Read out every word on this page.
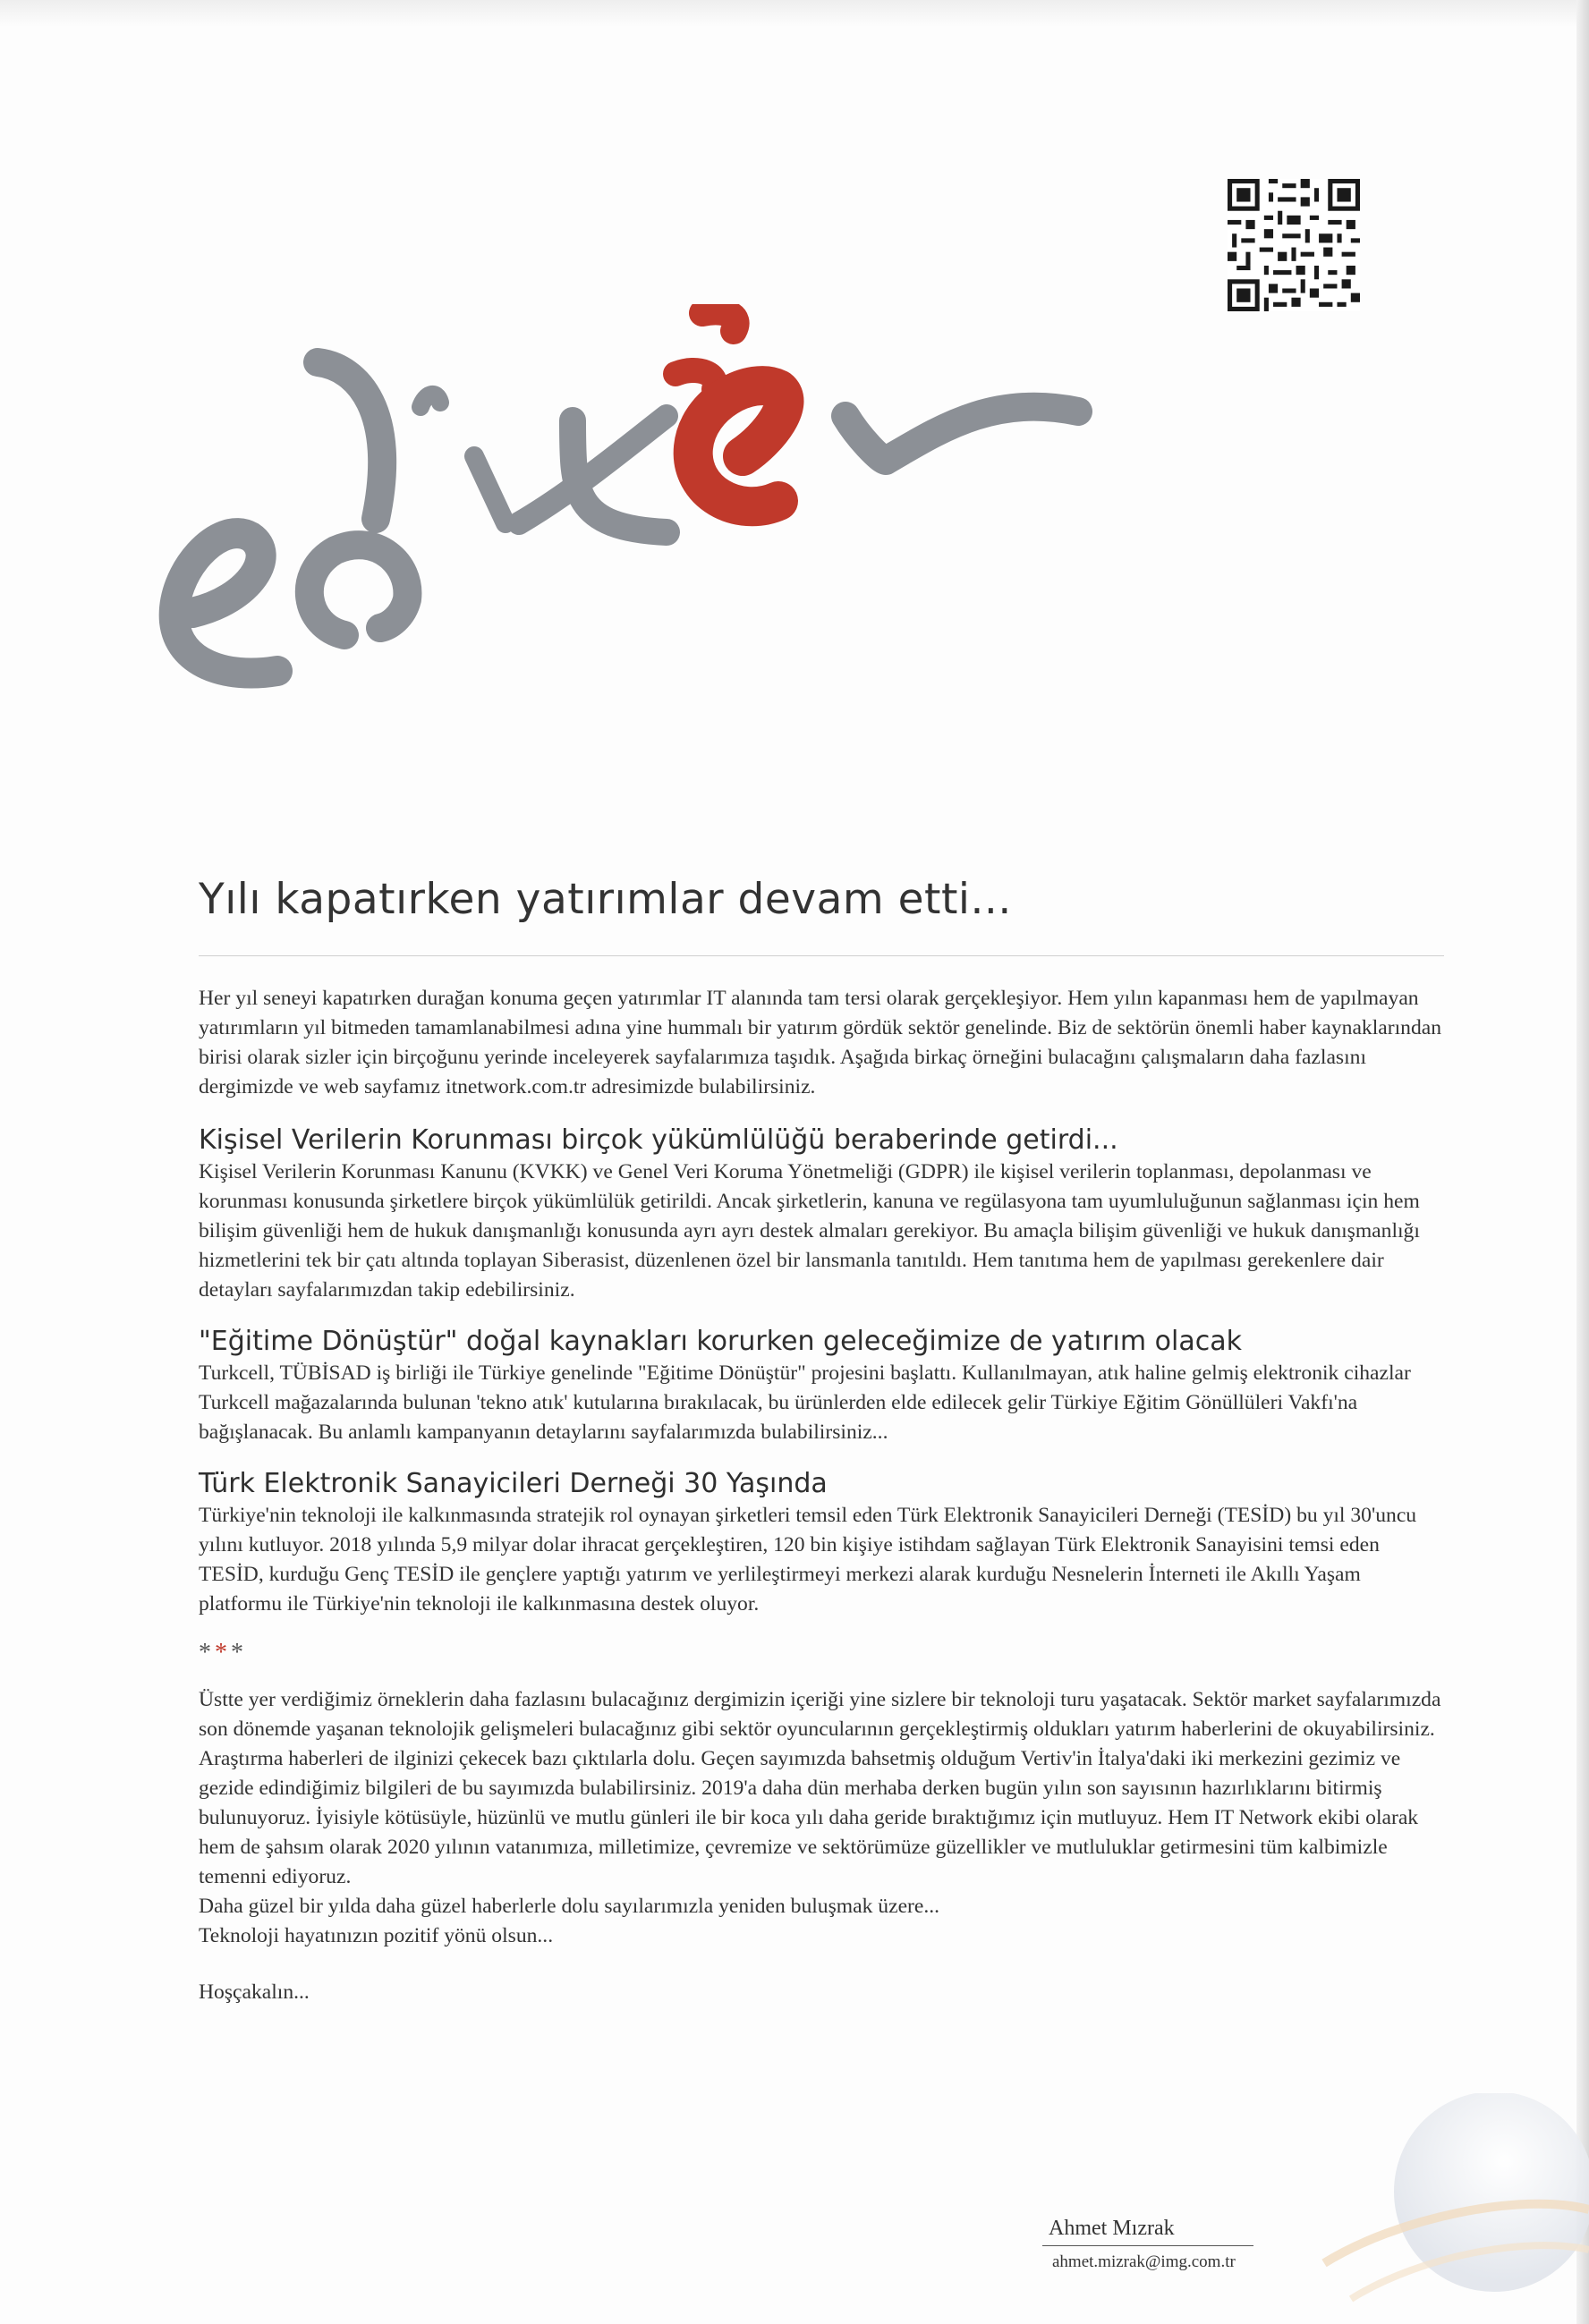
Yılı kapatırken yatırımlar devam etti...

Her yıl seneyi kapatırken durağan konuma geçen yatırımlar IT alanında tam tersi olarak gerçekleşiyor. Hem yılın kapanması hem de yapılmayan yatırımların yıl bitmeden tamamlanabilmesi adına yine hummalı bir yatırım gördük sektör genelinde. Biz de sektörün önemli haber kaynaklarından birisi olarak sizler için birçoğunu yerinde inceleyerek sayfalarımıza taşıdık. Aşağıda birkaç örneğini bulacağını çalışmaların daha fazlasını dergimizde ve web sayfamız itnetwork.com.tr adresimizde bulabilirsiniz.

Kişisel Verilerin Korunması birçok yükümlülüğü beraberinde getirdi...

Kişisel Verilerin Korunması Kanunu (KVKK) ve Genel Veri Koruma Yönetmeliği (GDPR) ile kişisel verilerin toplanması, depolanması ve korunması konusunda şirketlere birçok yükümlülük getirildi. Ancak şirketlerin, kanuna ve regülasyona tam uyumluluğunun sağlanması için hem bilişim güvenliği hem de hukuk danışmanlığı konusunda ayrı ayrı destek almaları gerekiyor. Bu amaçla bilişim güvenliği ve hukuk danışmanlığı hizmetlerini tek bir çatı altında toplayan Siberasist, düzenlenen özel bir lansmanla tanıtıldı. Hem tanıtıma hem de yapılması gerekenlere dair detayları sayfalarımızdan takip edebilirsiniz.

"Eğitime Dönüştür" doğal kaynakları korurken geleceğimize de yatırım olacak

Turkcell, TÜBİSAD iş birliği ile Türkiye genelinde "Eğitime Dönüştür" projesini başlattı. Kullanılmayan, atık haline gelmiş elektronik cihazlar Turkcell mağazalarında bulunan 'tekno atık' kutularına bırakılacak, bu ürünlerden elde edilecek gelir Türkiye Eğitim Gönüllüleri Vakfı'na bağışlanacak. Bu anlamlı kampanyanın detaylarını sayfalarımızda bulabilirsiniz...

Türk Elektronik Sanayicileri Derneği 30 Yaşında

Türkiye'nin teknoloji ile kalkınmasında stratejik rol oynayan şirketleri temsil eden Türk Elektronik Sanayicileri Derneği (TESİD) bu yıl 30'uncu yılını kutluyor. 2018 yılında 5,9 milyar dolar ihracat gerçekleştiren, 120 bin kişiye istihdam sağlayan Türk Elektronik Sanayisini temsi eden TESİD, kurduğu Genç TESİD ile gençlere yaptığı yatırım ve yerlileştirmeyi merkezi alarak kurduğu Nesnelerin İnterneti ile Akıllı Yaşam platformu ile Türkiye'nin teknoloji ile kalkınmasına destek oluyor.

***

Üstte yer verdiğimiz örneklerin daha fazlasını bulacağınız dergimizin içeriği yine sizlere bir teknoloji turu yaşatacak. Sektör market sayfalarımızda son dönemde yaşanan teknolojik gelişmeleri bulacağınız gibi sektör oyuncularının gerçekleştirmiş oldukları yatırım haberlerini de okuyabilirsiniz. Araştırma haberleri de ilginizi çekecek bazı çıktılarla dolu. Geçen sayımızda bahsetmiş olduğum Vertiv'in İtalya'daki iki merkezini gezimiz ve gezide edindiğimiz bilgileri de bu sayımızda bulabilirsiniz. 2019'a daha dün merhaba derken bugün yılın son sayısının hazırlıklarını bitirmiş bulunuyoruz. İyisiyle kötüsüyle, hüzünlü ve mutlu günleri ile bir koca yılı daha geride bıraktığımız için mutluyuz. Hem IT Network ekibi olarak hem de şahsım olarak 2020 yılının vatanımıza, milletimize, çevremize ve sektörümüze güzellikler ve mutluluklar getirmesini tüm kalbimizle temenni ediyoruz.

Daha güzel bir yılda daha güzel haberlerle dolu sayılarımızla yeniden buluşmak üzere...

Teknoloji hayatınızın pozitif yönü olsun...

Hoşçakalın...

Ahmet Mızrak

ahmet.mizrak@img.com.tr
